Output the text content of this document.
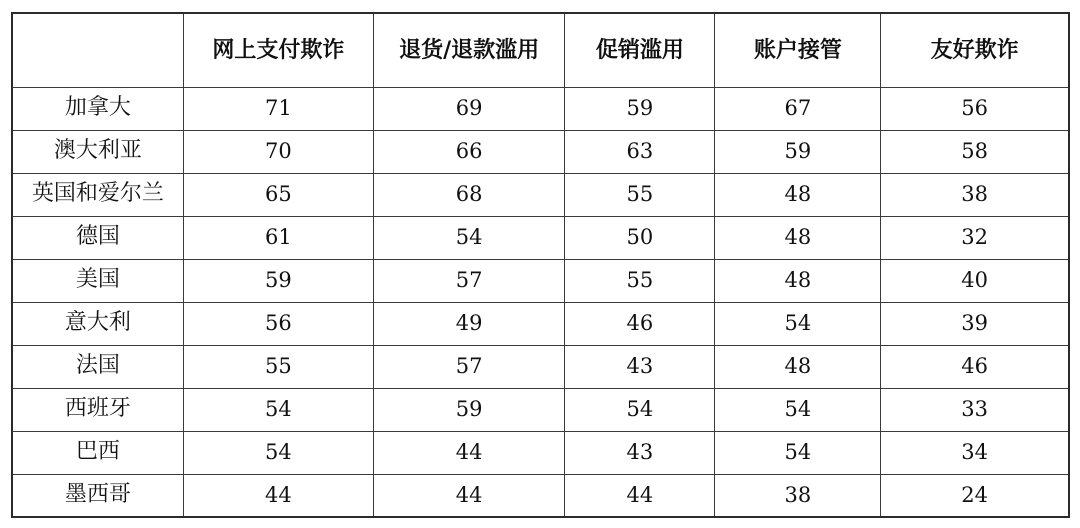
	网上支付欺诈	退货/退款滥用	促销滥用	账户接管	友好欺诈
加拿大	71	69	59	67	56
澳大利亚	70	66	63	59	58
英国和爱尔兰	65	68	55	48	38
德国	61	54	50	48	32
美国	59	57	55	48	40
意大利	56	49	46	54	39
法国	55	57	43	48	46
西班牙	54	59	54	54	33
巴西	54	44	43	54	34
墨西哥	44	44	44	38	24
